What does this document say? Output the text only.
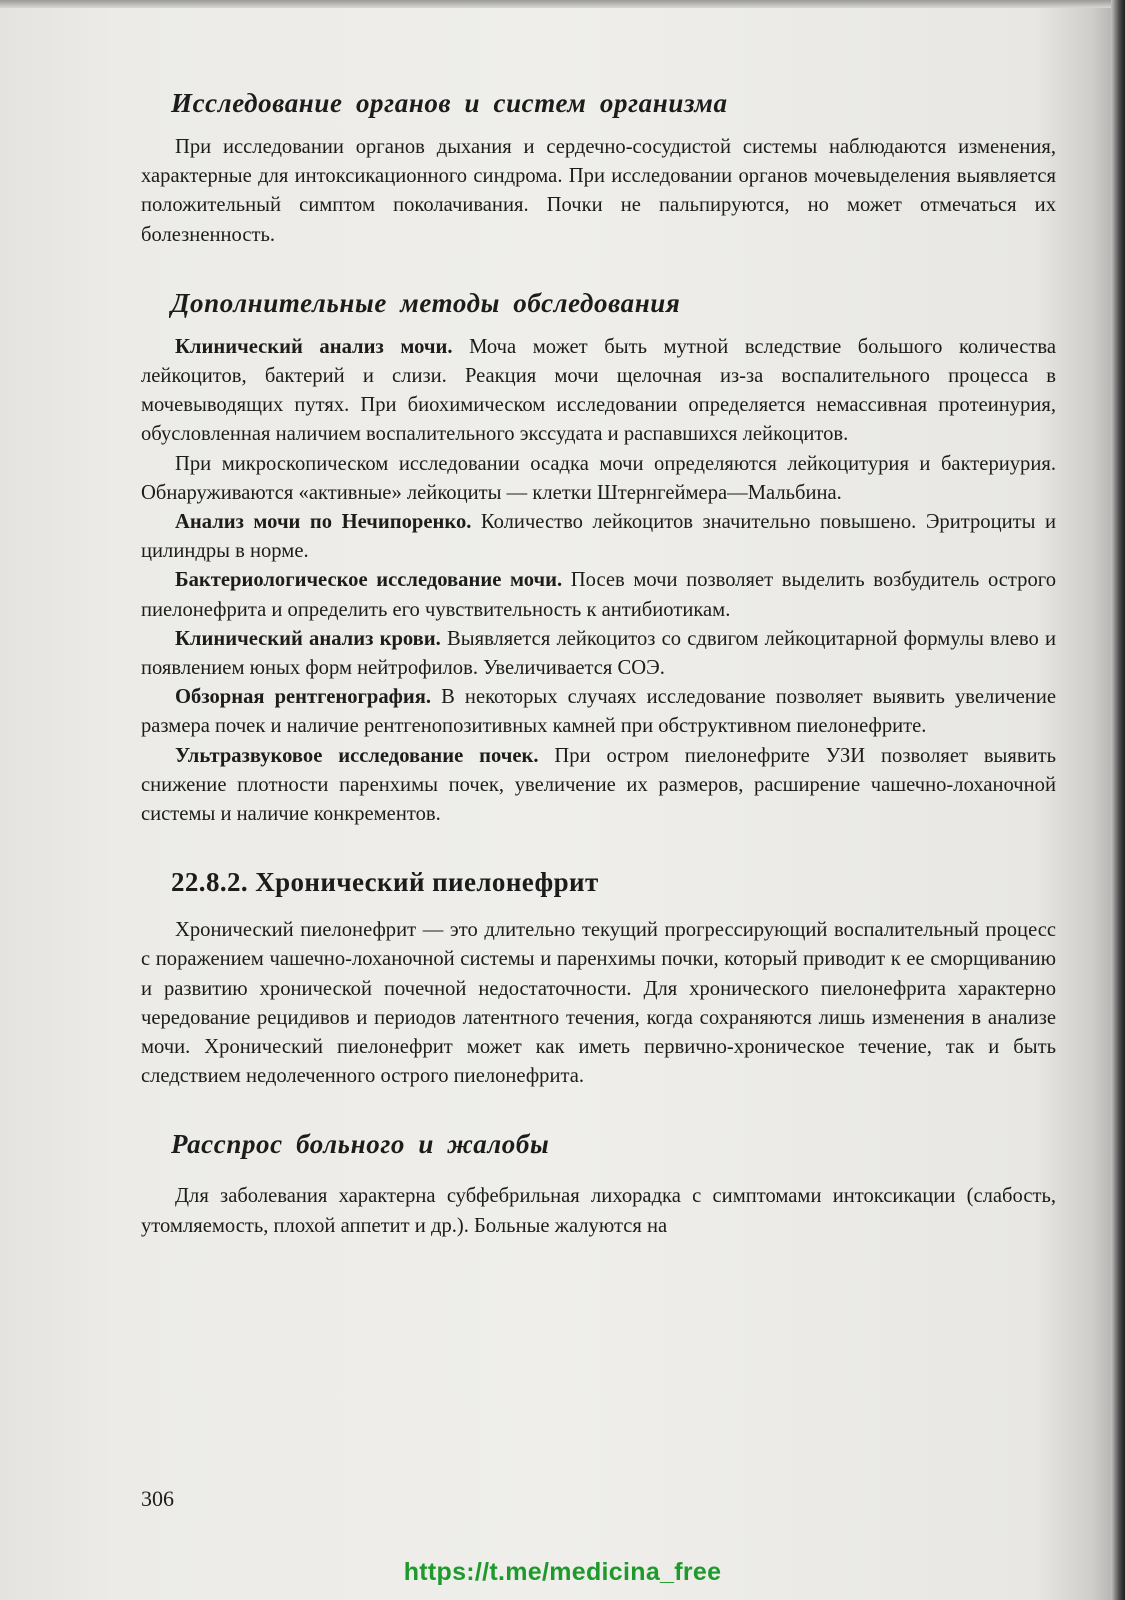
Исследование органов и систем организма

При исследовании органов дыхания и сердечно-сосудистой системы наблюдаются изменения, характерные для интоксикационного синдрома. При исследовании органов мочевыделения выявляется положительный симптом поколачивания. Почки не пальпируются, но может отмечаться их болезненность.

Дополнительные методы обследования

Клинический анализ мочи. Моча может быть мутной вследствие большого количества лейкоцитов, бактерий и слизи. Реакция мочи щелочная из-за воспалительного процесса в мочевыводящих путях. При биохимическом исследовании определяется немассивная протеинурия, обусловленная наличием воспалительного экссудата и распавшихся лейкоцитов.

При микроскопическом исследовании осадка мочи определяются лейкоцитурия и бактериурия. Обнаруживаются «активные» лейкоциты — клетки Штернгеймера—Мальбина.

Анализ мочи по Нечипоренко. Количество лейкоцитов значительно повышено. Эритроциты и цилиндры в норме.

Бактериологическое исследование мочи. Посев мочи позволяет выделить возбудитель острого пиелонефрита и определить его чувствительность к антибиотикам.

Клинический анализ крови. Выявляется лейкоцитоз со сдвигом лейкоцитарной формулы влево и появлением юных форм нейтрофилов. Увеличивается СОЭ.

Обзорная рентгенография. В некоторых случаях исследование позволяет выявить увеличение размера почек и наличие рентгенопозитивных камней при обструктивном пиелонефрите.

Ультразвуковое исследование почек. При остром пиелонефрите УЗИ позволяет выявить снижение плотности паренхимы почек, увеличение их размеров, расширение чашечно-лоханочной системы и наличие конкрементов.

22.8.2. Хронический пиелонефрит

Хронический пиелонефрит — это длительно текущий прогрессирующий воспалительный процесс с поражением чашечно-лоханочной системы и паренхимы почки, который приводит к ее сморщиванию и развитию хронической почечной недостаточности. Для хронического пиелонефрита характерно чередование рецидивов и периодов латентного течения, когда сохраняются лишь изменения в анализе мочи. Хронический пиелонефрит может как иметь первично-хроническое течение, так и быть следствием недолеченного острого пиелонефрита.

Расспрос больного и жалобы

Для заболевания характерна субфебрильная лихорадка с симптомами интоксикации (слабость, утомляемость, плохой аппетит и др.). Больные жалуются на

306
https://t.me/medicina_free
